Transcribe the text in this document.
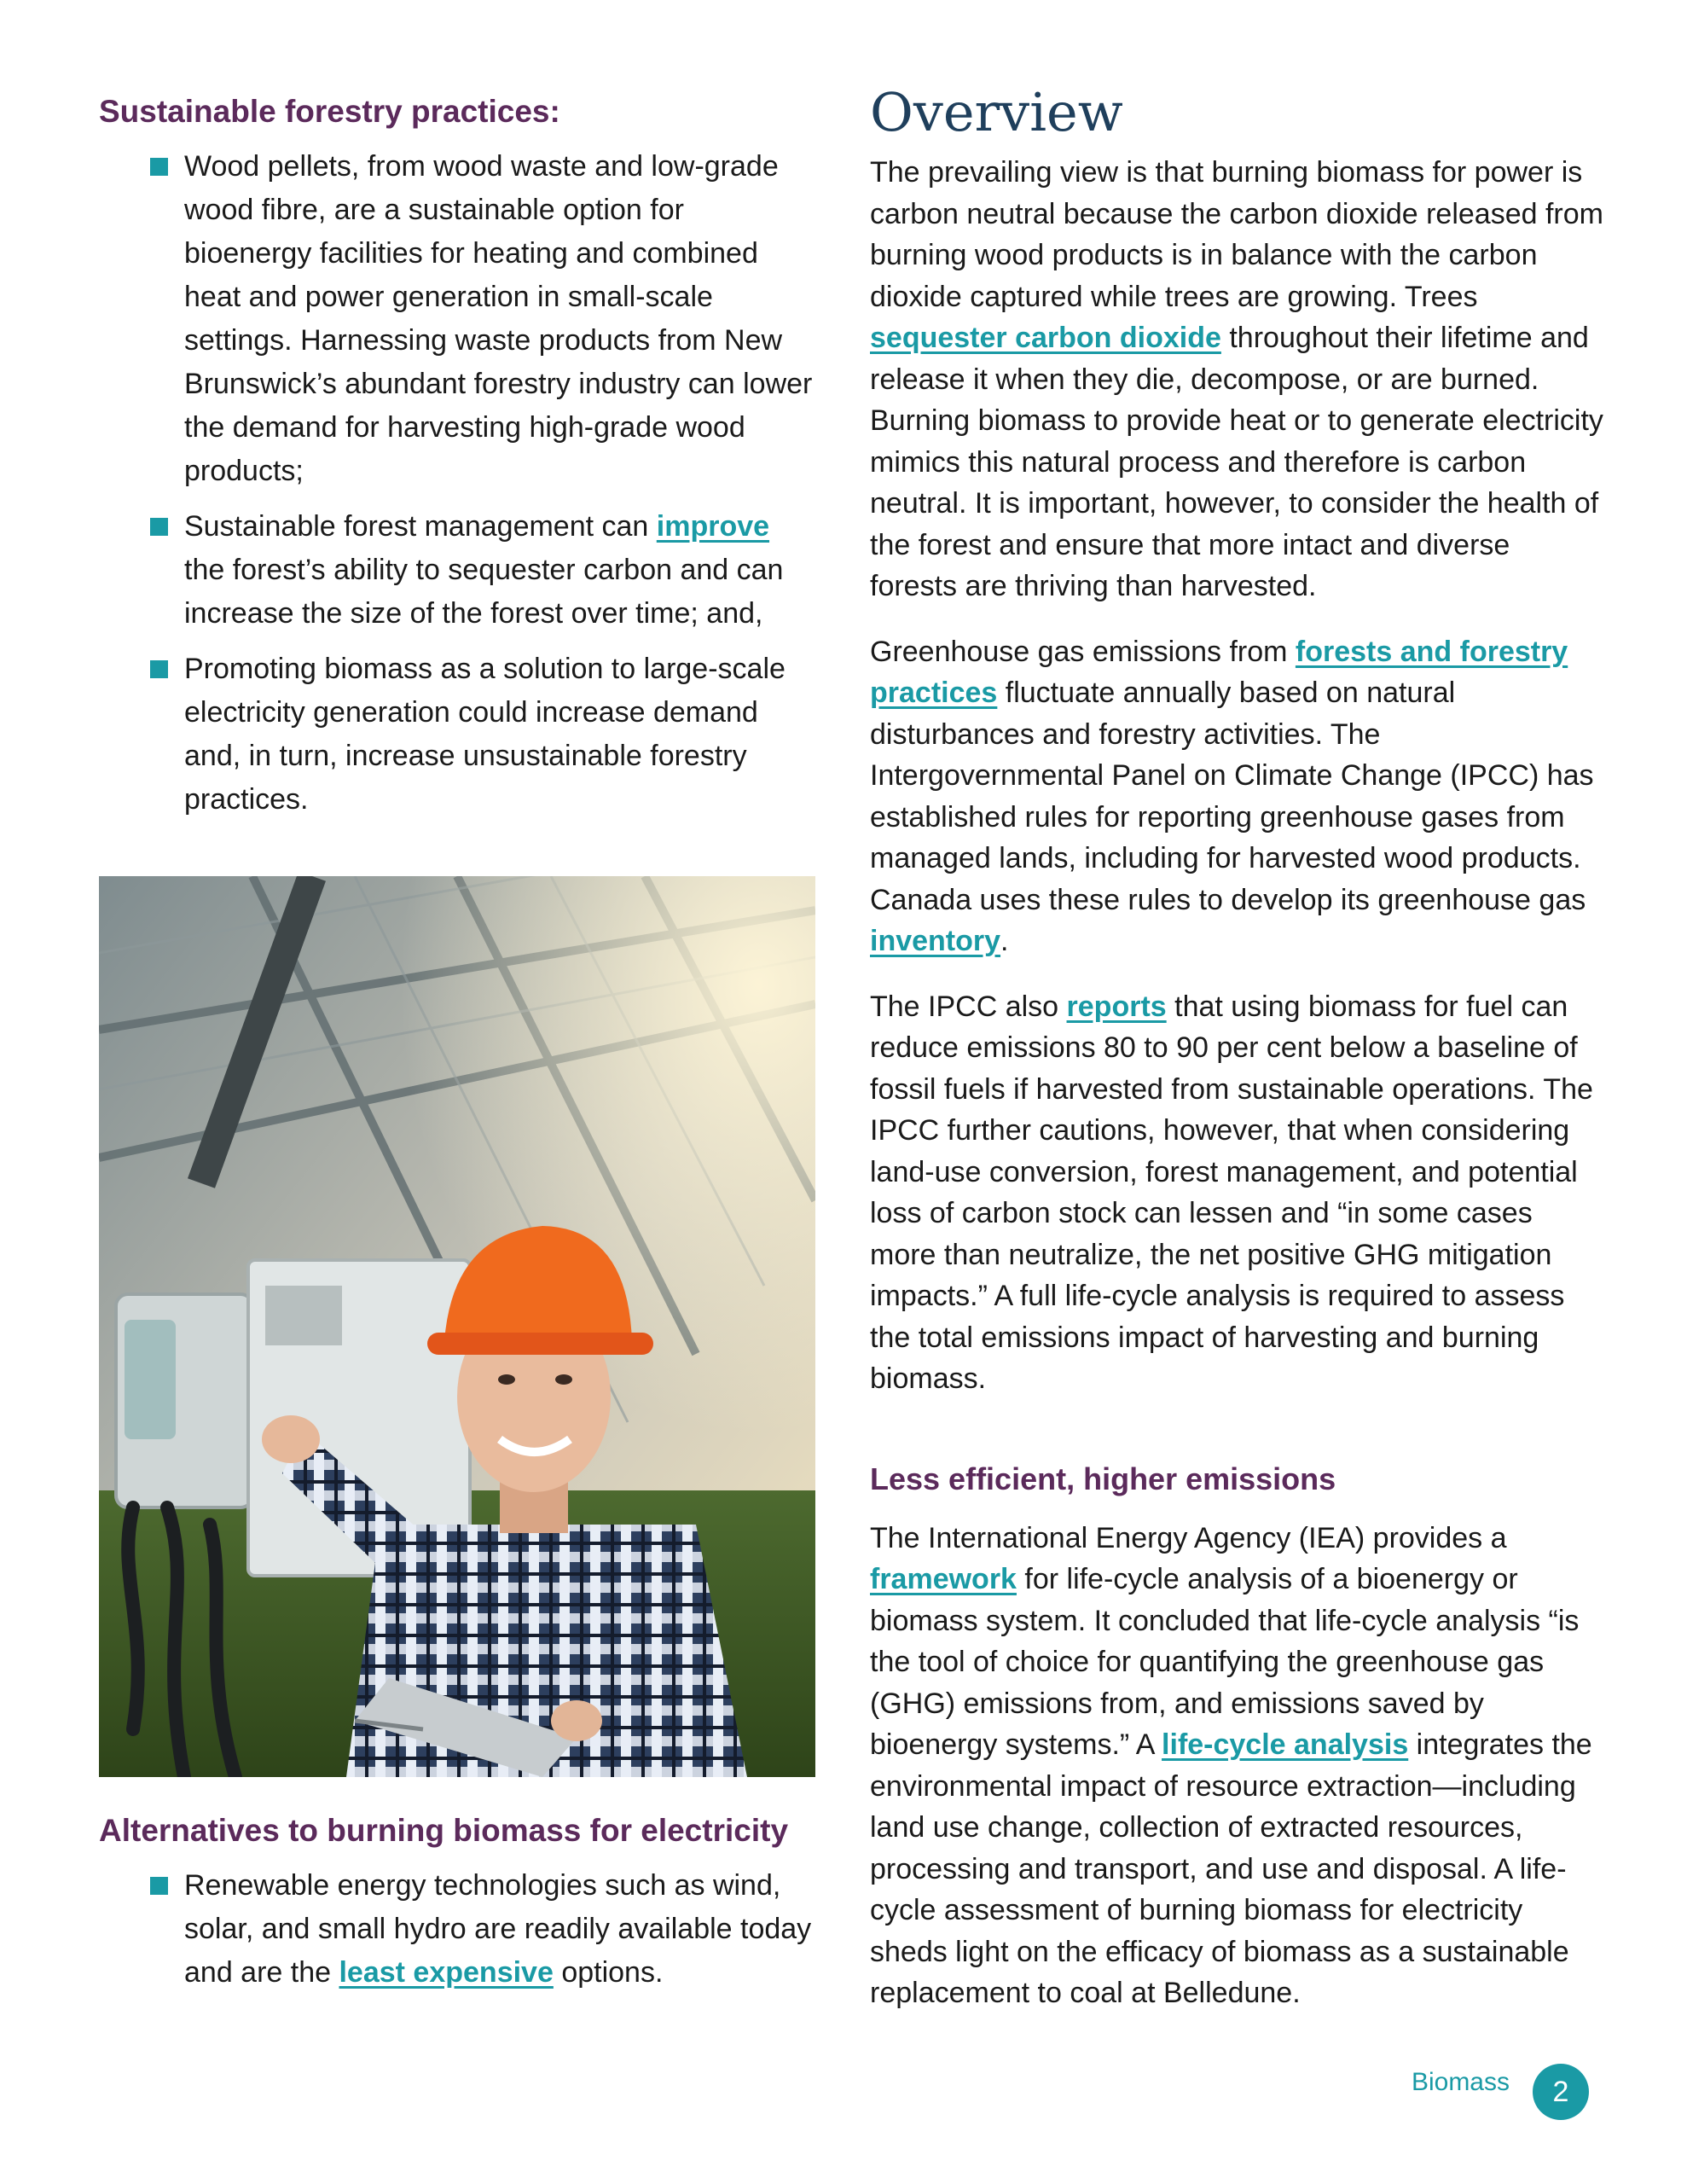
Sustainable forestry practices:
Wood pellets, from wood waste and low-grade wood fibre, are a sustainable option for bioenergy facilities for heating and combined heat and power generation in small-scale settings. Harnessing waste products from New Brunswick’s abundant forestry industry can lower the demand for harvesting high-grade wood products;
Sustainable forest management can improve the forest’s ability to sequester carbon and can increase the size of the forest over time; and,
Promoting biomass as a solution to large-scale electricity generation could increase demand and, in turn, increase unsustainable forestry practices.
Alternatives to burning biomass for electricity
Renewable energy technologies such as wind, solar, and small hydro are readily available today and are the least expensive options.
Overview

The prevailing view is that burning biomass for power is carbon neutral because the carbon dioxide released from burning wood products is in balance with the carbon dioxide captured while trees are growing. Trees sequester carbon dioxide throughout their lifetime and release it when they die, decompose, or are burned. Burning biomass to provide heat or to generate electricity mimics this natural process and therefore is carbon neutral. It is important, however, to consider the health of the forest and ensure that more intact and diverse forests are thriving than harvested.

Greenhouse gas emissions from forests and forestry practices fluctuate annually based on natural disturbances and forestry activities. The Intergovernmental Panel on Climate Change (IPCC) has established rules for reporting greenhouse gases from managed lands, including for harvested wood products. Canada uses these rules to develop its greenhouse gas inventory.

The IPCC also reports that using biomass for fuel can reduce emissions 80 to 90 per cent below a baseline of fossil fuels if harvested from sustainable operations. The IPCC further cautions, however, that when considering land-use conversion, forest management, and potential loss of carbon stock can lessen and “in some cases more than neutralize, the net positive GHG mitigation impacts.” A full life-cycle analysis is required to assess the total emissions impact of harvesting and burning biomass.

Less efficient, higher emissions

The International Energy Agency (IEA) provides a framework for life-cycle analysis of a bioenergy or biomass system. It concluded that life-cycle analysis “is the tool of choice for quantifying the greenhouse gas (GHG) emissions from, and emissions saved by bioenergy systems.” A life-cycle analysis integrates the environmental impact of resource extraction—including land use change, collection of extracted resources, processing and transport, and use and disposal. A life-cycle assessment of burning biomass for electricity sheds light on the efficacy of biomass as a sustainable replacement to coal at Belledune.

Biomass	2
